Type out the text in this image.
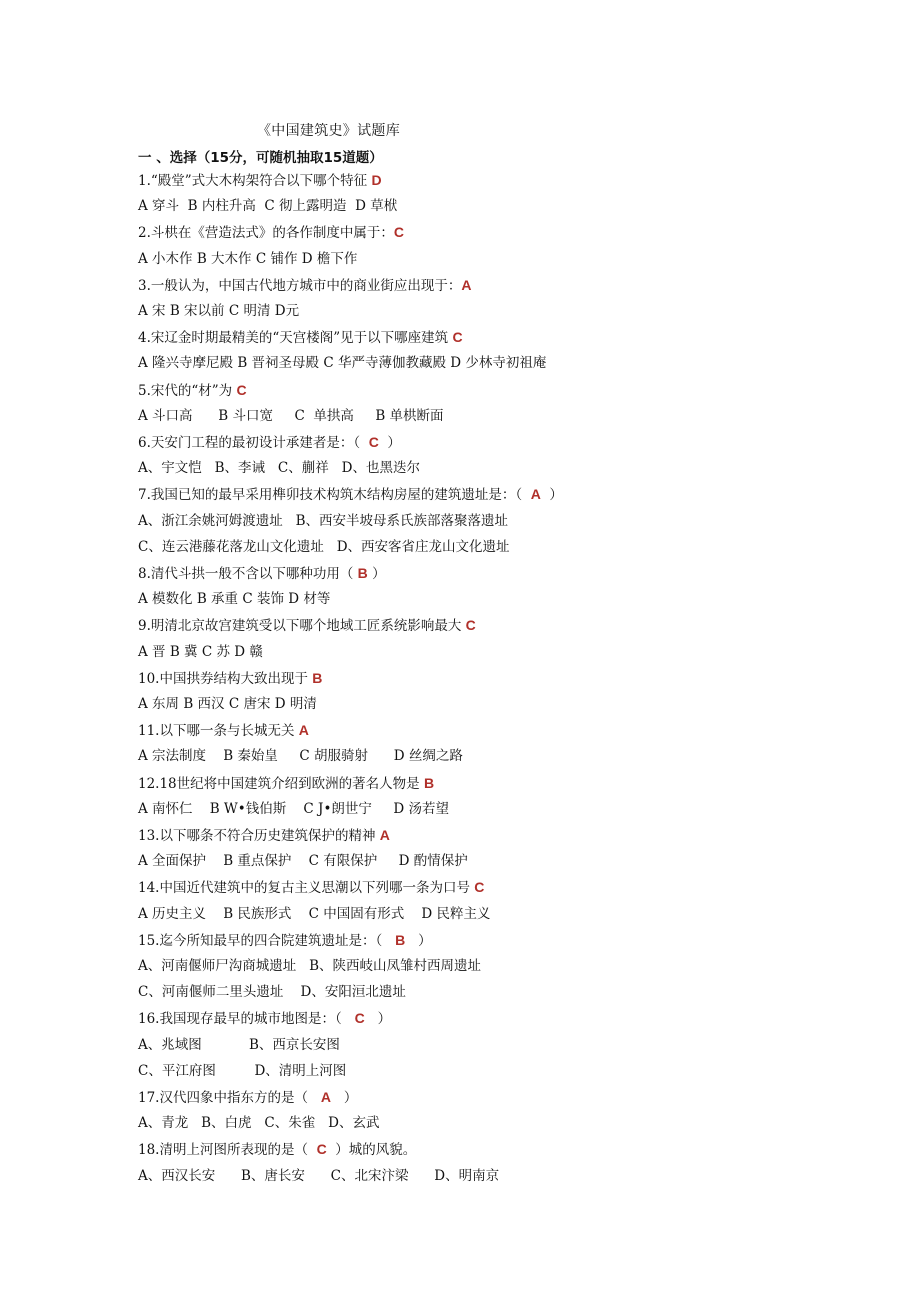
《中国建筑史》试题库
一 、选择（15分，可随机抽取15道题）
1.“殿堂”式大木构架符合以下哪个特征 D
A 穿斗  B 内柱升高  C 彻上露明造  D 草栿
2.斗栱在《营造法式》的各作制度中属于：C
A 小木作 B 大木作 C 铺作 D 檐下作
3.一般认为，中国古代地方城市中的商业街应出现于：A
A 宋 B 宋以前 C 明清 D元
4.宋辽金时期最精美的“天宫楼阁”见于以下哪座建筑 C
A 隆兴寺摩尼殿 B 晋祠圣母殿 C 华严寺薄伽教藏殿 D 少林寺初祖庵
5.宋代的“材”为 C
A 斗口高      B 斗口宽     C  单拱高     B 单栱断面
6.天安门工程的最初设计承建者是：（  C  ）
A、宇文恺   B、李诫   C、蒯祥   D、也黑迭尔
7.我国已知的最早采用榫卯技术构筑木结构房屋的建筑遗址是：（  A  ）
A、浙江余姚河姆渡遗址   B、西安半坡母系氏族部落聚落遗址
C、连云港藤花落龙山文化遗址   D、西安客省庄龙山文化遗址
8.清代斗拱一般不含以下哪种功用（ B ）
A 模数化 B 承重 C 装饰 D 材等
9.明清北京故宫建筑受以下哪个地域工匠系统影响最大 C
A 晋 B 冀 C 苏 D 赣
10.中国拱券结构大致出现于 B
A 东周 B 西汉 C 唐宋 D 明清
11.以下哪一条与长城无关 A
A 宗法制度    B 秦始皇     C 胡服骑射      D 丝绸之路
12.18世纪将中国建筑介绍到欧洲的著名人物是 B
A 南怀仁    B W•钱伯斯    C J•朗世宁     D 汤若望
13.以下哪条不符合历史建筑保护的精神 A
A 全面保护    B 重点保护    C 有限保护     D 酌情保护
14.中国近代建筑中的复古主义思潮以下列哪一条为口号 C
A 历史主义    B 民族形式    C 中国固有形式    D 民粹主义
15.迄今所知最早的四合院建筑遗址是：（   B   ）
A、河南偃师尸沟商城遗址   B、陕西岐山凤雏村西周遗址
C、河南偃师二里头遗址    D、安阳洹北遗址
16.我国现存最早的城市地图是：（   C   ）
A、兆域图           B、西京长安图
C、平江府图         D、清明上河图
17.汉代四象中指东方的是（   A   ）
A、青龙   B、白虎   C、朱雀   D、玄武
18.清明上河图所表现的是（  C  ）城的风貌。
A、西汉长安      B、唐长安      C、北宋汴梁      D、明南京
